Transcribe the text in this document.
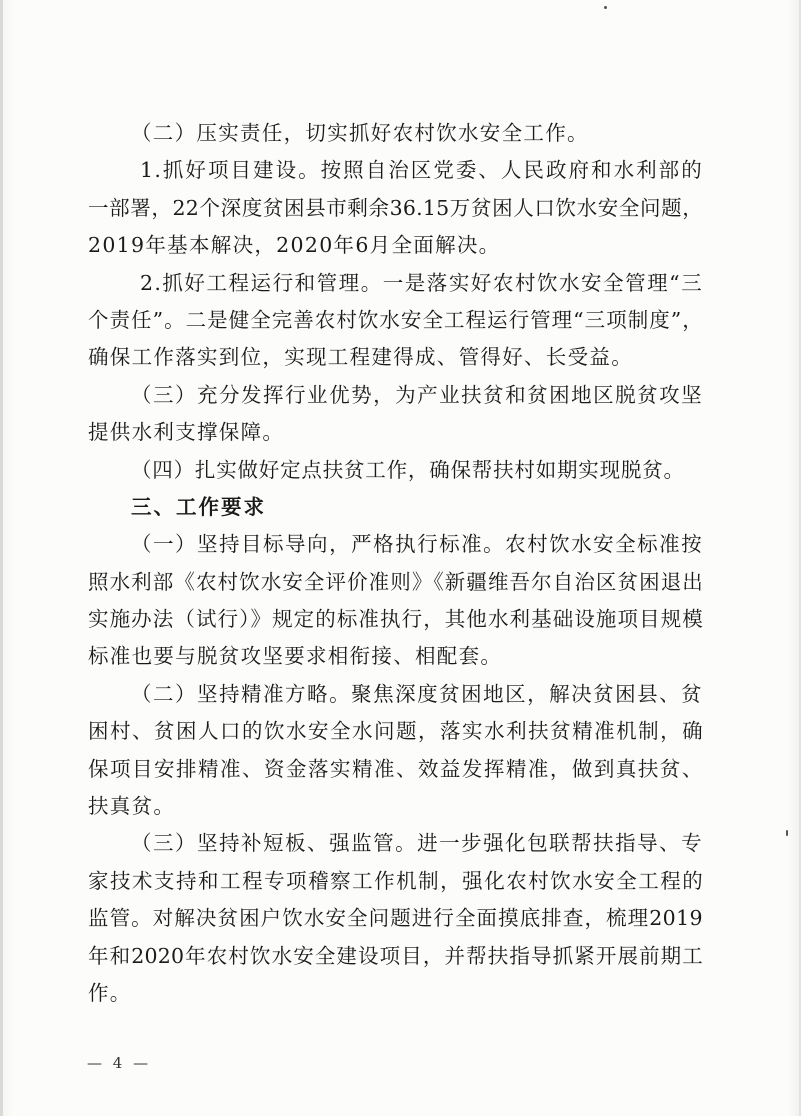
（二）压实责任，切实抓好农村饮水安全工作。
1.抓好项目建设。按照自治区党委、人民政府和水利部的
一部署，22个深度贫困县市剩余36.15万贫困人口饮水安全问题，
2019年基本解决，2020年6月全面解决。
2.抓好工程运行和管理。一是落实好农村饮水安全管理“三
个责任”。二是健全完善农村饮水安全工程运行管理“三项制度”，
确保工作落实到位，实现工程建得成、管得好、长受益。
（三）充分发挥行业优势，为产业扶贫和贫困地区脱贫攻坚
提供水利支撑保障。
（四）扎实做好定点扶贫工作，确保帮扶村如期实现脱贫。
三、工作要求
（一）坚持目标导向，严格执行标准。农村饮水安全标准按
照水利部《农村饮水安全评价准则》《新疆维吾尔自治区贫困退出
实施办法（试行）》规定的标准执行，其他水利基础设施项目规模
标准也要与脱贫攻坚要求相衔接、相配套。
（二）坚持精准方略。聚焦深度贫困地区，解决贫困县、贫
困村、贫困人口的饮水安全水问题，落实水利扶贫精准机制，确
保项目安排精准、资金落实精准、效益发挥精准，做到真扶贫、
扶真贫。
（三）坚持补短板、强监管。进一步强化包联帮扶指导、专
家技术支持和工程专项稽察工作机制，强化农村饮水安全工程的
监管。对解决贫困户饮水安全问题进行全面摸底排查，梳理2019
年和2020年农村饮水安全建设项目，并帮扶指导抓紧开展前期工
作。
— 4 —
